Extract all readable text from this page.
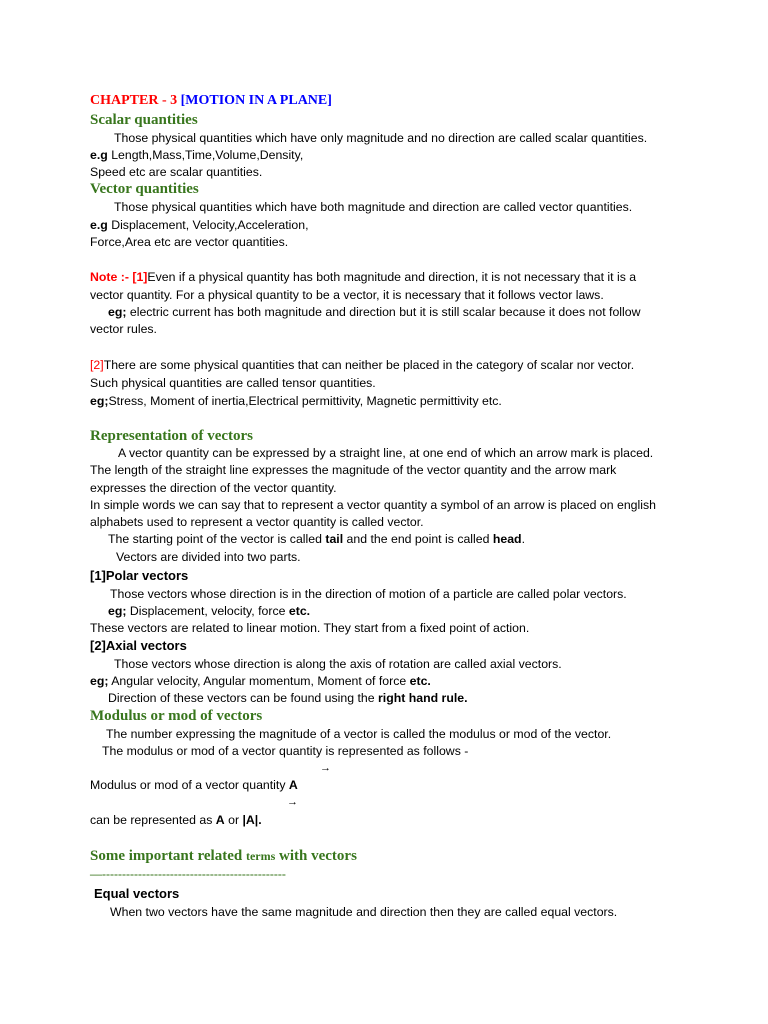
CHAPTER - 3 [MOTION IN A PLANE]
Scalar quantities
Those physical quantities which have only magnitude and no direction are called scalar quantities.
e.g Length,Mass,Time,Volume,Density,
Speed etc are scalar quantities.
Vector quantities
Those physical quantities which have both magnitude and direction are called vector quantities.
e.g Displacement, Velocity,Acceleration,
Force,Area etc are vector quantities.
Note :- [1]Even if a physical quantity has both magnitude and direction, it is not necessary that it is a
vector quantity. For a physical quantity to be a vector, it is necessary that it follows vector laws.
eg; electric current has both magnitude and direction but it is still scalar because it does not follow
vector rules.
[2]There are some physical quantities that can neither be placed in the category of scalar nor vector.
Such physical quantities are called tensor quantities.
eg;Stress, Moment of inertia,Electrical permittivity, Magnetic permittivity etc.
Representation of vectors
A vector quantity can be expressed by a straight line, at one end of which an arrow mark is placed.
The length of the straight line expresses the magnitude of the vector quantity and the arrow mark
expresses the direction of the vector quantity.
In simple words we can say that to represent a vector quantity a symbol of an arrow is placed on english
alphabets used to represent a vector quantity is called vector.
The starting point of the vector is called tail and the end point is called head.
Vectors are divided into two parts.
[1]Polar vectors
Those vectors whose direction is in the direction of motion of a particle are called polar vectors.
eg; Displacement, velocity, force etc.
These vectors are related to linear motion. They start from a fixed point of action.
[2]Axial vectors
Those vectors whose direction is along the axis of rotation are called axial vectors.
eg; Angular velocity, Angular momentum, Moment of force etc.
Direction of these vectors can be found using the right hand rule.
Modulus or mod of vectors
The number expressing the magnitude of a vector is called the modulus or mod of the vector.
The modulus or mod of a vector quantity is represented as follows -
→
Modulus or mod of a vector quantity A
→
can be represented as A or |A|.
Some important related terms with vectors
—----------------------------------------------
Equal vectors
When two vectors have the same magnitude and direction then they are called equal vectors.
